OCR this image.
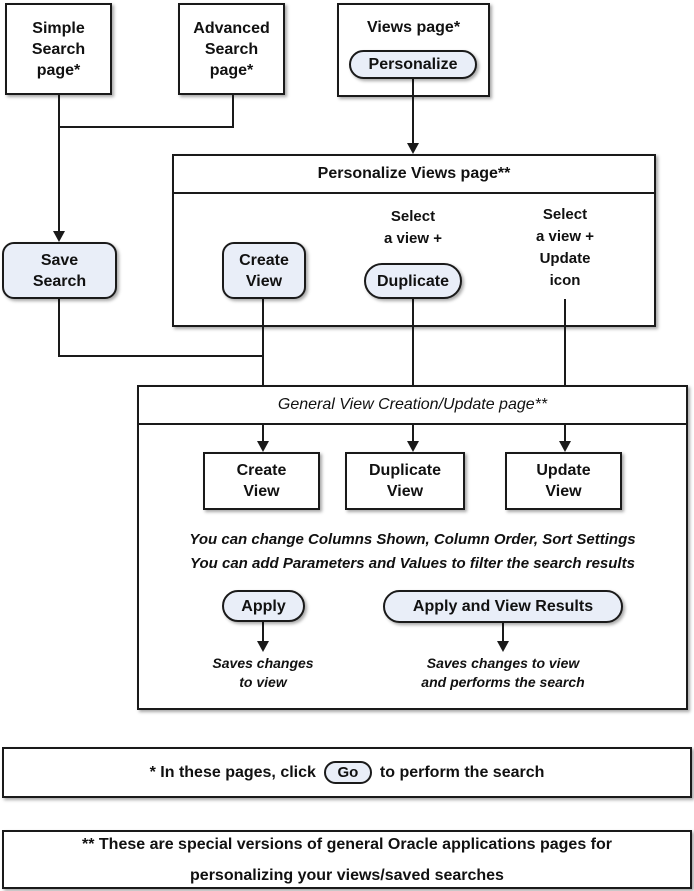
Simple
Search
page*
Advanced
Search
page*
Views page*
Personalize Views page**
General View Creation/Update page**
Personalize
Save
Search
Create
View
Select
a view +
Duplicate
Select
a view +
Update
icon
Create
View
Duplicate
View
Update
View
You can change Columns Shown, Column Order, Sort Settings
You can add Parameters and Values to filter the search results
Apply	Apply and View Results
Saves changes
to view
Saves changes to view
and performs the search
* In these pages, click	Go	to perform the search
** These are special versions of general Oracle applications pages for
personalizing your views/saved searches
